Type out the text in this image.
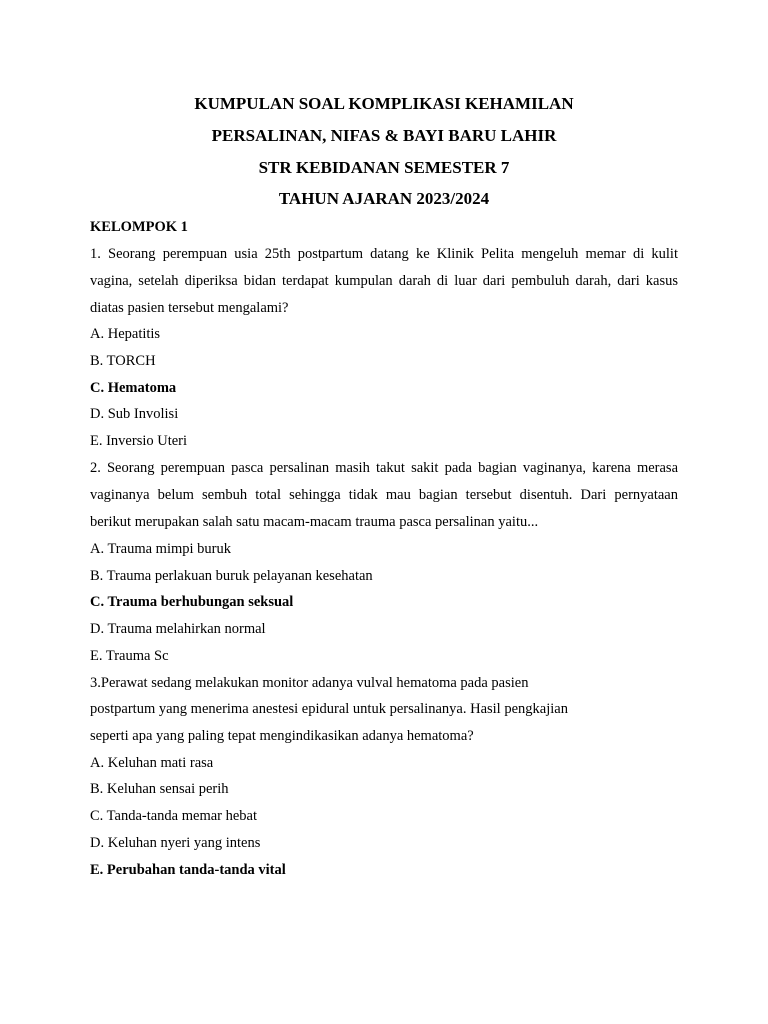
KUMPULAN SOAL KOMPLIKASI KEHAMILAN
PERSALINAN, NIFAS & BAYI BARU LAHIR
STR KEBIDANAN SEMESTER 7
TAHUN AJARAN 2023/2024
KELOMPOK 1
1. Seorang perempuan usia 25th postpartum datang ke Klinik Pelita mengeluh memar di kulit
vagina, setelah diperiksa bidan terdapat kumpulan darah di luar dari pembuluh darah, dari kasus
diatas pasien tersebut mengalami?
A. Hepatitis
B. TORCH
C. Hematoma
D. Sub Involisi
E. Inversio Uteri
2. Seorang perempuan pasca persalinan masih takut sakit pada bagian vaginanya, karena merasa
vaginanya belum sembuh total sehingga tidak mau bagian tersebut disentuh. Dari pernyataan
berikut merupakan salah satu macam-macam trauma pasca persalinan yaitu...
A. Trauma mimpi buruk
B. Trauma perlakuan buruk pelayanan kesehatan
C. Trauma berhubungan seksual
D. Trauma melahirkan normal
E. Trauma Sc
3.Perawat sedang melakukan monitor adanya vulval hematoma pada pasien
postpartum yang menerima anestesi epidural untuk persalinanya. Hasil pengkajian
seperti apa yang paling tepat mengindikasikan adanya hematoma?
A. Keluhan mati rasa
B. Keluhan sensai perih
C. Tanda-tanda memar hebat
D. Keluhan nyeri yang intens
E. Perubahan tanda-tanda vital
